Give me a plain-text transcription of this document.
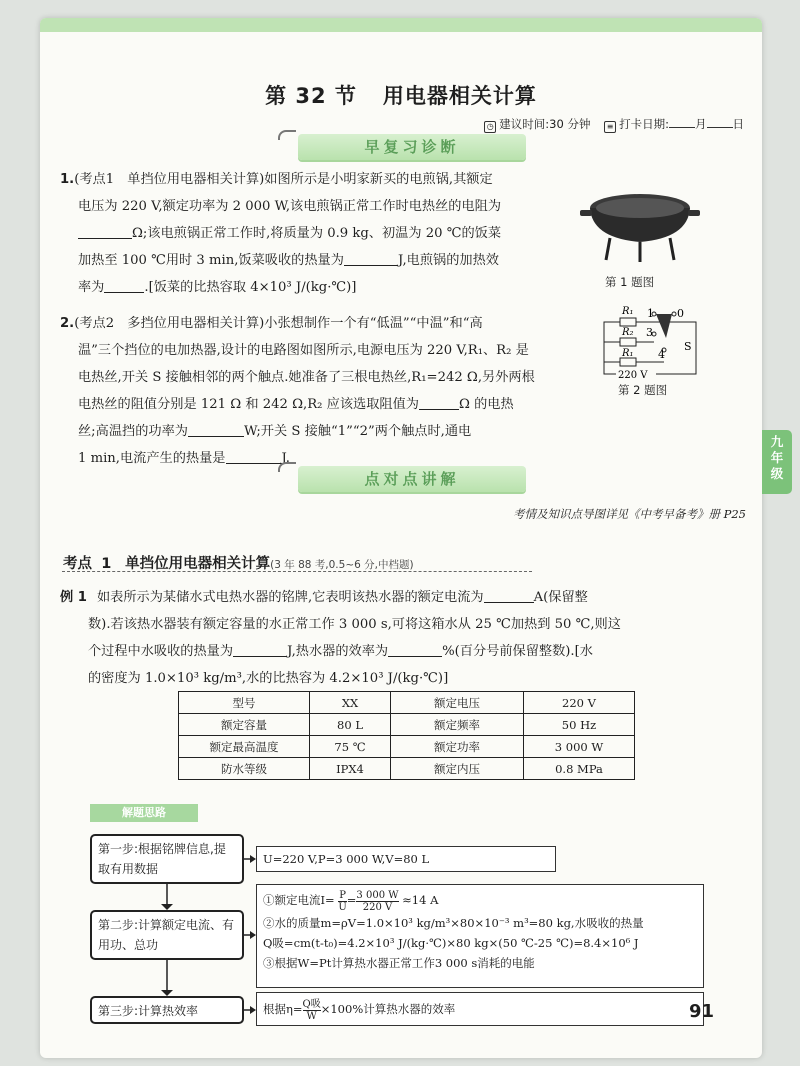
第 32 节 用电器相关计算
◷ 建议时间:30 分钟 ≡ 打卡日期: 月 日
早复习诊断
1.(考点1　单挡位用电器相关计算)如图所示是小明家新买的电煎锅,其额定
电压为 220 V,额定功率为 2 000 W,该电煎锅正常工作时电热丝的电阻为
Ω;该电煎锅正常工作时,将质量为 0.9 kg、初温为 20 ℃的饭菜
加热至 100 ℃用时 3 min,饭菜吸收的热量为	J,电煎锅的加热效
率为	.[饭菜的比热容取 4×10³ J/(kg·℃)]	第 1 题图
2.(考点2　多挡位用电器相关计算)小张想制作一个有“低温”“中温”和“高
温”三个挡位的电加热器,设计的电路图如图所示,电源电压为 220 V,R₁、R₂ 是
电热丝,开关 S 接触相邻的两个触点.她准备了三根电热丝,R₁=242 Ω,另外两根
电热丝的阻值分别是 121 Ω 和 242 Ω,R₂ 应该选取阻值为	Ω 的电热
丝;高温挡的功率为	W;开关 S 接触“1”“2”两个触点时,通电
1 min,电流产生的热量是	J.
R₁
R₂
R₁
0
1
3
4
S
220 V
第 2 题图
九
年
级
点对点讲解
考情及知识点导图详见《中考早备考》册 P25
考点 1 单挡位用电器相关计算(3 年 88 考,0.5~6 分,中档题)
例 1 如表所示为某储水式电热水器的铭牌,它表明该热水器的额定电流为	A(保留整
数).若该热水器装有额定容量的水正常工作 3 000 s,可将这箱水从 25 ℃加热到 50 ℃,则这
个过程中水吸收的热量为	J,热水器的效率为	%(百分号前保留整数).[水
的密度为 1.0×10³ kg/m³,水的比热容为 4.2×10³ J/(kg·℃)]
型号	XX	额定电压	220 V
额定容量	80 L	额定频率	50 Hz
额定最高温度	75 ℃	额定功率	3 000 W
防水等级	IPX4	额定内压	0.8 MPa
解题思路
第一步:根据铭牌信息,提取有用数据
U=220 V,P=3 000 W,V=80 L
第二步:计算额定电流、有用功、总功
①额定电流$I= \frac{P}{U} = \frac{3 000 W}{220 V} \approx 14$ A
②水的质量m=ρV=1.0×10³ kg/m³×80×10⁻³ m³=80 kg,水吸收的热量
Q吸=cm(t-t₀)=4.2×10³ J/(kg·℃)×80 kg×(50 ℃-25 ℃)=8.4×10⁶ J
③根据W=Pt计算热水器正常工作3 000 s消耗的电能
第三步:计算热效率	根据η= Q吸
W ×100%计算热水器的效率	91
